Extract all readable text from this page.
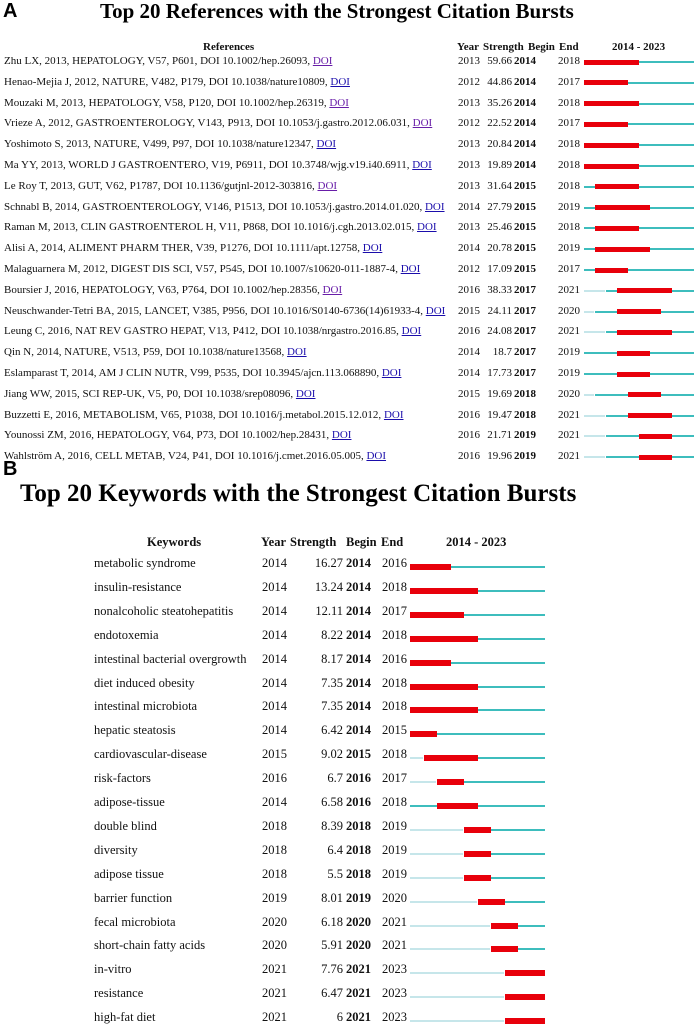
A	Top 20 References with the Strongest Citation Bursts
References	Year Strength Begin End	2014 - 2023
Zhu LX, 2013, HEPATOLOGY, V57, P601, DOI 10.1002/hep.26093, DOI	2013 59.66 2014 2018
Henao-Mejia J, 2012, NATURE, V482, P179, DOI 10.1038/nature10809, DOI	2012 44.86 2014 2017
Mouzaki M, 2013, HEPATOLOGY, V58, P120, DOI 10.1002/hep.26319, DOI	2013 35.26 2014 2018
Vrieze A, 2012, GASTROENTEROLOGY, V143, P913, DOI 10.1053/j.gastro.2012.06.031, DOI 2012 22.52 2014 2017
Yoshimoto S, 2013, NATURE, V499, P97, DOI 10.1038/nature12347, DOI	2013 20.84 2014 2018
Ma YY, 2013, WORLD J GASTROENTERO, V19, P6911, DOI 10.3748/wjg.v19.i40.6911, DOI 2013 19.89 2014 2018
Le Roy T, 2013, GUT, V62, P1787, DOI 10.1136/gutjnl-2012-303816, DOI	2013 31.64 2015 2018
Schnabl B, 2014, GASTROENTEROLOGY, V146, P1513, DOI 10.1053/j.gastro.2014.01.020, DOI 2014 27.79 2015 2019
Raman M, 2013, CLIN GASTROENTEROL H, V11, P868, DOI 10.1016/j.cgh.2013.02.015, DOI 2013 25.46 2015 2018
Alisi A, 2014, ALIMENT PHARM THER, V39, P1276, DOI 10.1111/apt.12758, DOI	2014 20.78 2015 2019
Malaguarnera M, 2012, DIGEST DIS SCI, V57, P545, DOI 10.1007/s10620-011-1887-4, DOI	2012 17.09 2015 2017
Boursier J, 2016, HEPATOLOGY, V63, P764, DOI 10.1002/hep.28356, DOI	2016 38.33 2017 2021
Neuschwander-Tetri BA, 2015, LANCET, V385, P956, DOI 10.1016/S0140-6736(14)61933-4, DOI 2015 24.11 2017 2020
Leung C, 2016, NAT REV GASTRO HEPAT, V13, P412, DOI 10.1038/nrgastro.2016.85, DOI	2016 24.08 2017 2021
Qin N, 2014, NATURE, V513, P59, DOI 10.1038/nature13568, DOI	2014	18.7 2017 2019
Eslamparast T, 2014, AM J CLIN NUTR, V99, P535, DOI 10.3945/ajcn.113.068890, DOI	2014 17.73 2017 2019
Jiang WW, 2015, SCI REP-UK, V5, P0, DOI 10.1038/srep08096, DOI	2015 19.69 2018 2020
Buzzetti E, 2016, METABOLISM, V65, P1038, DOI 10.1016/j.metabol.2015.12.012, DOI	2016 19.47 2018 2021
Younossi ZM, 2016, HEPATOLOGY, V64, P73, DOI 10.1002/hep.28431, DOI	2016 21.71 2019 2021
Wahlström A, 2016, CELL METAB, V24, P41, DOI 10.1016/j.cmet.2016.05.005, DOI	2016 19.96 2019 2021
B
Top 20 Keywords with the Strongest Citation Bursts
Keywords	Year Strength Begin End	2014 - 2023
metabolic syndrome	2014	16.27 2014 2016
insulin-resistance	2014	13.24 2014 2018
nonalcoholic steatohepatitis 2014	12.11 2014 2017
endotoxemia	2014	8.22 2014 2018
intestinal bacterial overgrowth 2014	8.17 2014 2016
diet induced obesity	2014	7.35 2014 2018
intestinal microbiota	2014	7.35 2014 2018
hepatic steatosis	2014	6.42 2014 2015
cardiovascular-disease	2015	9.02 2015 2018
risk-factors	2016	6.7 2016 2017
adipose-tissue	2014	6.58 2016 2018
double blind	2018	8.39 2018 2019
diversity	2018	6.4 2018 2019
adipose tissue	2018	5.5 2018 2019
barrier function	2019	8.01 2019 2020
fecal microbiota	2020	6.18 2020 2021
short-chain fatty acids	2020	5.91 2020 2021
in-vitro	2021	7.76 2021 2023
resistance	2021	6.47 2021 2023
high-fat diet	2021	6 2021 2023
